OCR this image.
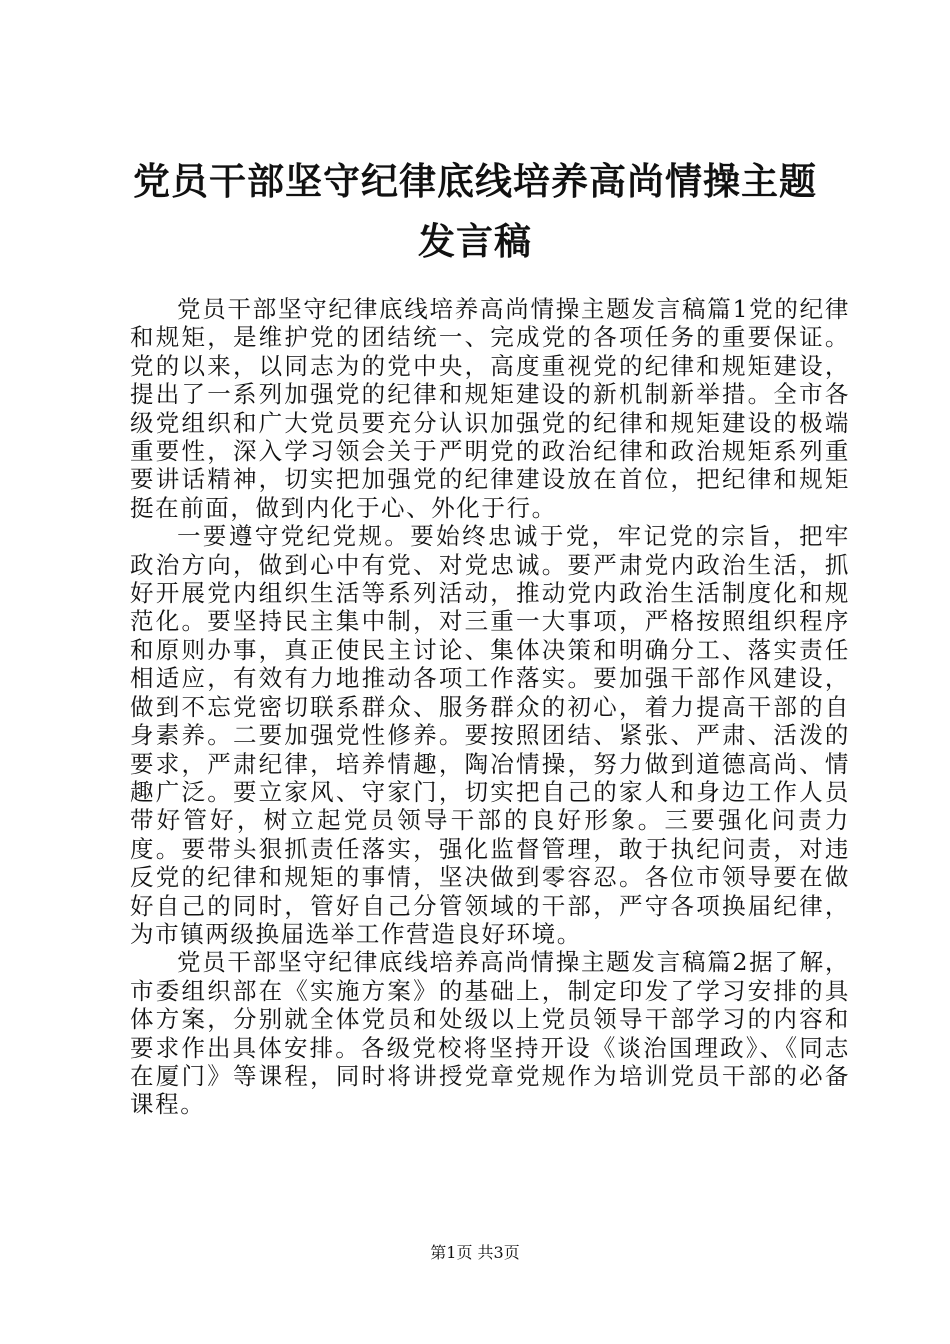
党员干部坚守纪律底线培养高尚情操主题发言稿

党员干部坚守纪律底线培养高尚情操主题发言稿篇1党的纪律和规矩，是维护党的团结统一、完成党的各项任务的重要保证。党的以来，以同志为的党中央，高度重视党的纪律和规矩建设，提出了一系列加强党的纪律和规矩建设的新机制新举措。全市各级党组织和广大党员要充分认识加强党的纪律和规矩建设的极端重要性，深入学习领会关于严明党的政治纪律和政治规矩系列重要讲话精神，切实把加强党的纪律建设放在首位，把纪律和规矩挺在前面，做到内化于心、外化于行。

一要遵守党纪党规。要始终忠诚于党，牢记党的宗旨，把牢政治方向，做到心中有党、对党忠诚。要严肃党内政治生活，抓好开展党内组织生活等系列活动，推动党内政治生活制度化和规范化。要坚持民主集中制，对三重一大事项，严格按照组织程序和原则办事，真正使民主讨论、集体决策和明确分工、落实责任相适应，有效有力地推动各项工作落实。要加强干部作风建设，做到不忘党密切联系群众、服务群众的初心，着力提高干部的自身素养。二要加强党性修养。要按照团结、紧张、严肃、活泼的要求，严肃纪律，培养情趣，陶冶情操，努力做到道德高尚、情趣广泛。要立家风、守家门，切实把自己的家人和身边工作人员带好管好，树立起党员领导干部的良好形象。三要强化问责力度。要带头狠抓责任落实，强化监督管理，敢于执纪问责，对违反党的纪律和规矩的事情，坚决做到零容忍。各位市领导要在做好自己的同时，管好自己分管领域的干部，严守各项换届纪律，为市镇两级换届选举工作营造良好环境。

党员干部坚守纪律底线培养高尚情操主题发言稿篇2据了解，市委组织部在《实施方案》的基础上，制定印发了学习安排的具体方案，分别就全体党员和处级以上党员领导干部学习的内容和要求作出具体安排。各级党校将坚持开设《谈治国理政》、《同志在厦门》等课程，同时将讲授党章党规作为培训党员干部的必备课程。

第1页 共3页
